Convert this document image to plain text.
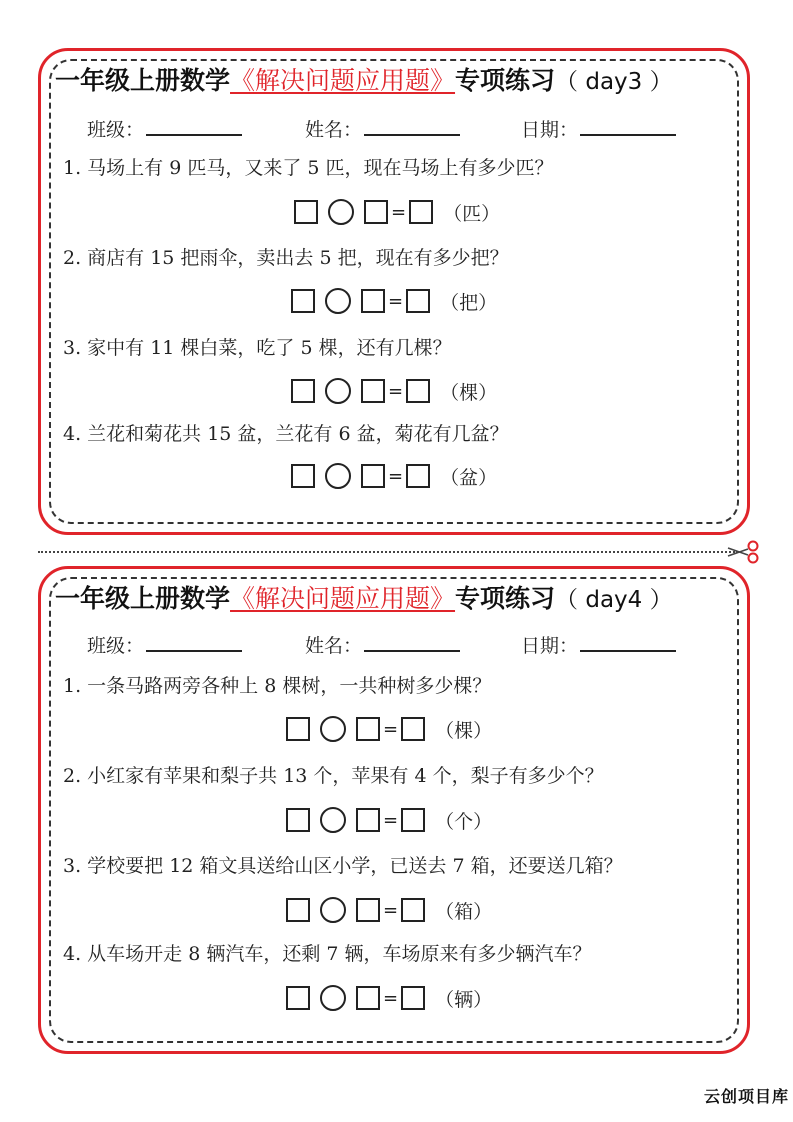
一年级上册数学《解决问题应用题》专项练习（ day3 ）
班级：	姓名：	日期：
1. 马场上有 9 匹马，又来了 5 匹，现在马场上有多少匹？
= （匹）
2. 商店有 15 把雨伞，卖出去 5 把，现在有多少把？
= （把）
3. 家中有 11 棵白菜，吃了 5 棵，还有几棵？
= （棵）
4. 兰花和菊花共 15 盆，兰花有 6 盆，菊花有几盆？
= （盆）
一年级上册数学《解决问题应用题》专项练习（ day4 ）
班级：	姓名：	日期：
1. 一条马路两旁各种上 8 棵树，一共种树多少棵？
= （棵）
2. 小红家有苹果和梨子共 13 个，苹果有 4 个，梨子有多少个？
= （个）
3. 学校要把 12 箱文具送给山区小学，已送去 7 箱，还要送几箱？
= （箱）
4. 从车场开走 8 辆汽车，还剩 7 辆，车场原来有多少辆汽车？
= （辆）
云创项目库
